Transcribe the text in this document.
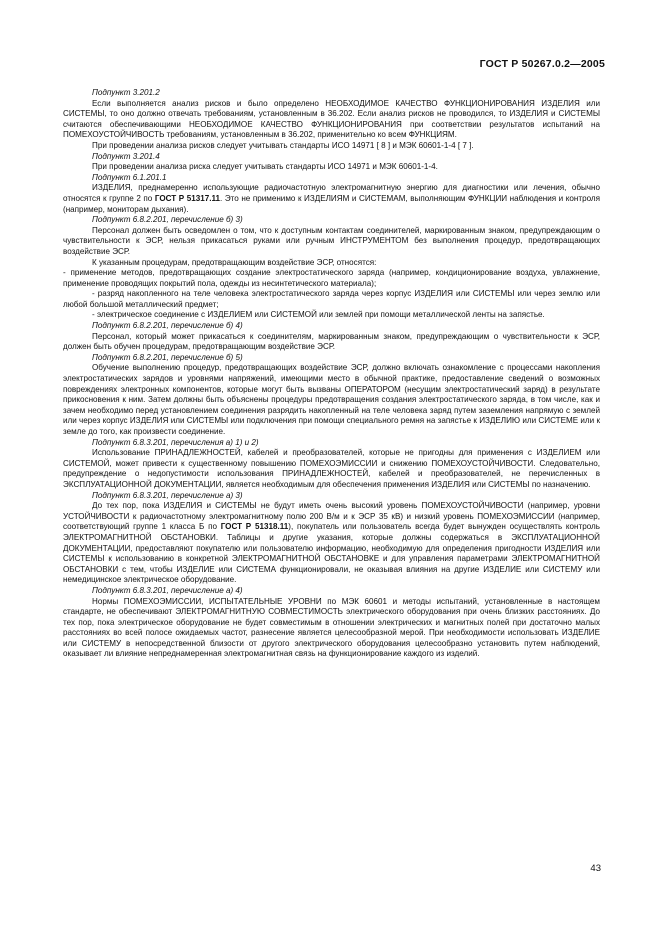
ГОСТ Р 50267.0.2—2005

Подпункт 3.201.2

Если выполняется анализ рисков и было определено НЕОБХОДИМОЕ КАЧЕСТВО ФУНКЦИОНИРОВАНИЯ ИЗДЕЛИЯ или СИСТЕМЫ, то оно должно отвечать требованиям, установленным в 36.202. Если анализ рисков не проводился, то ИЗДЕЛИЯ и СИСТЕМЫ считаются обеспечивающими НЕОБХОДИМОЕ КАЧЕСТВО ФУНКЦИОНИРОВАНИЯ при соответствии результатов испытаний на ПОМЕХОУСТОЙЧИВОСТЬ требованиям, установленным в 36.202, применительно ко всем ФУНКЦИЯМ.

При проведении анализа рисков следует учитывать стандарты ИСО 14971 [ 8 ] и МЭК 60601-1-4 [ 7 ].

Подпункт 3.201.4

При проведении анализа риска следует учитывать стандарты ИСО 14971 и МЭК 60601-1-4.

Подпункт 6.1.201.1

ИЗДЕЛИЯ, преднамеренно использующие радиочастотную электромагнитную энергию для диагностики или лечения, обычно относятся к группе 2 по ГОСТ Р 51317.11. Это не применимо к ИЗДЕЛИЯМ и СИСТЕМАМ, выполняющим ФУНКЦИИ наблюдения и контроля (например, мониторам дыхания).

Подпункт 6.8.2.201, перечисление б) 3)

Персонал должен быть осведомлен о том, что к доступным контактам соединителей, маркированным знаком, предупреждающим о чувствительности к ЭСР, нельзя прикасаться руками или ручным ИНСТРУМЕНТОМ без выполнения процедур, предотвращающих воздействие ЭСР.

К указанным процедурам, предотвращающим воздействие ЭСР, относятся:

- применение методов, предотвращающих создание электростатического заряда (например, кондиционирование воздуха, увлажнение, применение проводящих покрытий пола, одежды из несинтетического материала);

- разряд накопленного на теле человека электростатического заряда через корпус ИЗДЕЛИЯ или СИСТЕМЫ или через землю или любой большой металлический предмет;

- электрическое соединение с ИЗДЕЛИЕМ или СИСТЕМОЙ или землей при помощи металлической ленты на запястье.

Подпункт 6.8.2.201, перечисление б) 4)

Персонал, который может прикасаться к соединителям, маркированным знаком, предупреждающим о чувствительности к ЭСР, должен быть обучен процедурам, предотвращающим воздействие ЭСР.

Подпункт 6.8.2.201, перечисление б) 5)

Обучение выполнению процедур, предотвращающих воздействие ЭСР, должно включать ознакомление с процессами накопления электростатических зарядов и уровнями напряжений, имеющими место в обычной практике, предоставление сведений о возможных повреждениях электронных компонентов, которые могут быть вызваны ОПЕРАТОРОМ (несущим электростатический заряд) в результате прикосновения к ним. Затем должны быть объяснены процедуры предотвращения создания электростатического заряда, в том числе, как и зачем необходимо перед установлением соединения разрядить накопленный на теле человека заряд путем заземления напрямую с землей или через корпус ИЗДЕЛИЯ или СИСТЕМЫ или подключения при помощи специального ремня на запястье к ИЗДЕЛИЮ или СИСТЕМЕ или к земле до того, как произвести соединение.

Подпункт 6.8.3.201, перечисления а) 1) и 2)

Использование ПРИНАДЛЕЖНОСТЕЙ, кабелей и преобразователей, которые не пригодны для применения с ИЗДЕЛИЕМ или СИСТЕМОЙ, может привести к существенному повышению ПОМЕХОЭМИССИИ и снижению ПОМЕХОУСТОЙЧИВОСТИ. Следовательно, предупреждение о недопустимости использования ПРИНАДЛЕЖНОСТЕЙ, кабелей и преобразователей, не перечисленных в ЭКСПЛУАТАЦИОННОЙ ДОКУМЕНТАЦИИ, является необходимым для обеспечения применения ИЗДЕЛИЯ или СИСТЕМЫ по назначению.

Подпункт 6.8.3.201, перечисление а) 3)

До тех пор, пока ИЗДЕЛИЯ и СИСТЕМЫ не будут иметь очень высокий уровень ПОМЕХОУСТОЙЧИВОСТИ (например, уровни УСТОЙЧИВОСТИ к радиочастотному электромагнитному полю 200 В/м и к ЭСР 35 кВ) и низкий уровень ПОМЕХОЭМИССИИ (например, соответствующий группе 1 класса Б по ГОСТ Р 51318.11), покупатель или пользователь всегда будет вынужден осуществлять контроль ЭЛЕКТРОМАГНИТНОЙ ОБСТАНОВКИ. Таблицы и другие указания, которые должны содержаться в ЭКСПЛУАТАЦИОННОЙ ДОКУМЕНТАЦИИ, предоставляют покупателю или пользователю информацию, необходимую для определения пригодности ИЗДЕЛИЯ или СИСТЕМЫ к использованию в конкретной ЭЛЕКТРОМАГНИТНОЙ ОБСТАНОВКЕ и для управления параметрами ЭЛЕКТРОМАГНИТНОЙ ОБСТАНОВКИ с тем, чтобы ИЗДЕЛИЕ или СИСТЕМА функционировали, не оказывая влияния на другие ИЗДЕЛИЕ или СИСТЕМУ или немедицинское электрическое оборудование.

Подпункт 6.8.3.201, перечисление а) 4)

Нормы ПОМЕХОЭМИССИИ, ИСПЫТАТЕЛЬНЫЕ УРОВНИ по МЭК 60601 и методы испытаний, установленные в настоящем стандарте, не обеспечивают ЭЛЕКТРОМАГНИТНУЮ СОВМЕСТИМОСТЬ электрического оборудования при очень близких расстояниях. До тех пор, пока электрическое оборудование не будет совместимым в отношении электрических и магнитных полей при достаточно малых расстояниях во всей полосе ожидаемых частот, разнесение является целесообразной мерой. При необходимости использовать ИЗДЕЛИЕ или СИСТЕМУ в непосредственной близости от другого электрического оборудования целесообразно установить путем наблюдений, оказывает ли влияние непреднамеренная электромагнитная связь на функционирование каждого из изделий.

43
